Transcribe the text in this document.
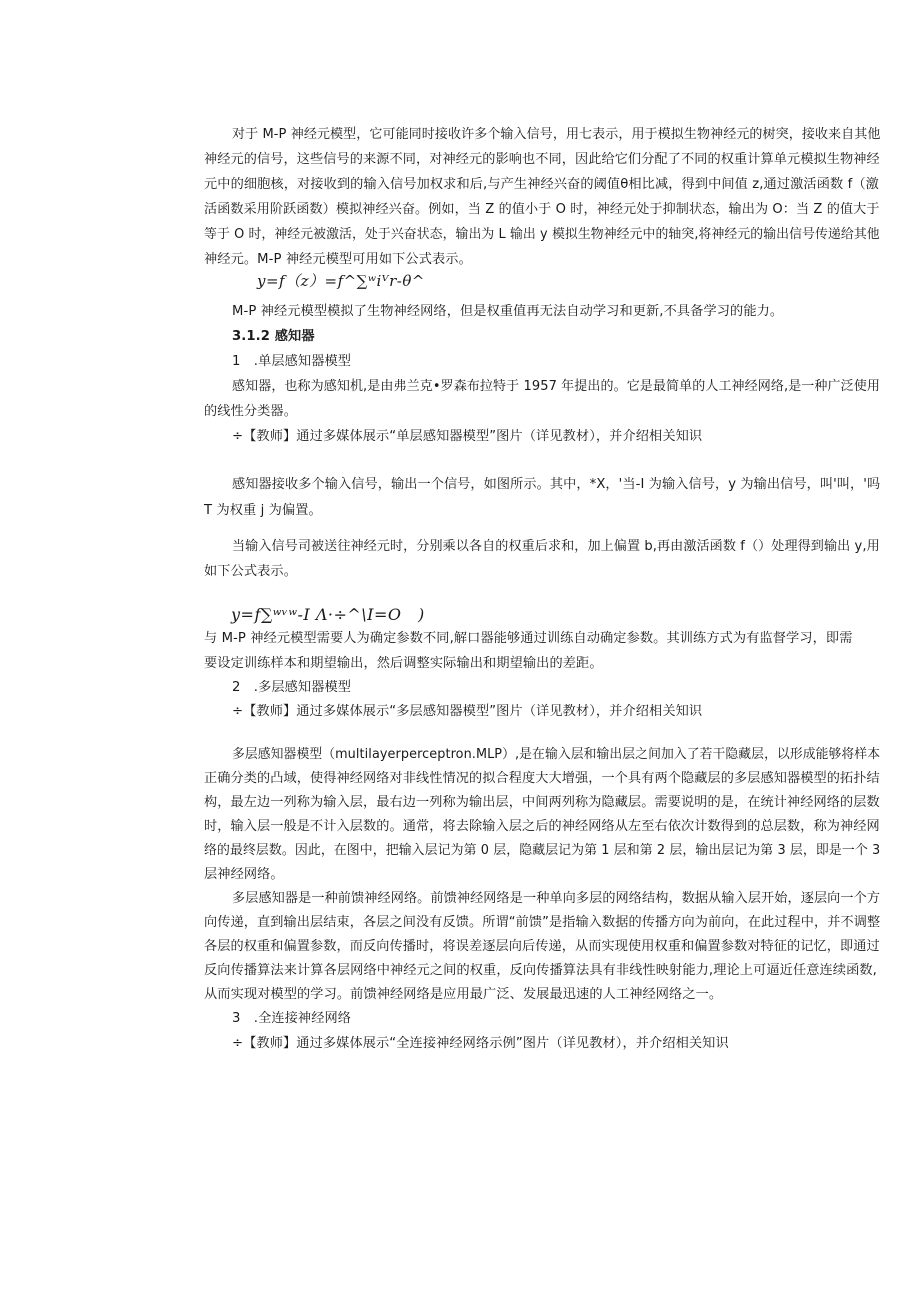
对于 M-P 神经元模型，它可能同时接收许多个输入信号，用七表示，用于模拟生物神经元的树突，接收来自其他
神经元的信号，这些信号的来源不同，对神经元的影响也不同，因此给它们分配了不同的权重计算单元模拟生物神经
元中的细胞核，对接收到的输入信号加权求和后,与产生神经兴奋的阈值θ相比减，得到中间值 z,通过激活函数 f（激
活函数采用阶跃函数）模拟神经兴奋。例如，当 Z 的值小于 O 时，神经元处于抑制状态，输出为 O：当 Z 的值大于
等于 O 时，神经元被激活，处于兴奋状态，输出为 L 输出 y 模拟生物神经元中的轴突,将神经元的输出信号传递给其他
神经元。M-P 神经元模型可用如下公式表示。
y=f（z）=f^∑ʷiⱽr-θ^
M-P 神经元模型模拟了生物神经网络，但是权重值再无法自动学习和更新,不具备学习的能力。
3.1.2 感知器
1　.单层感知器模型
感知器，也称为感知机,是由弗兰克•罗森布拉特于 1957 年提出的。它是最简单的人工神经网络,是一种广泛使用
的线性分类器。
÷【教师】通过多媒体展示“单层感知器模型”图片（详见教材），并介绍相关知识
感知器接收多个输入信号，输出一个信号，如图所示。其中，*X，'当-I 为输入信号，y 为输出信号，叫'叫，'吗
T 为权重 j 为偏置。
当输入信号司被送往神经元时，分别乘以各自的权重后求和，加上偏置 b,再由激活函数 f（）处理得到输出 y,用
如下公式表示。
y=f∑ʷᵛʷ-I Λ·÷^\I=O　)
与 M-P 神经元模型需要人为确定参数不同,解口器能够通过训练自动确定参数。其训练方式为有监督学习，即需
要设定训练样本和期望输出，然后调整实际输出和期望输出的差距。
2　.多层感知器模型
÷【教师】通过多媒体展示“多层感知器模型”图片（详见教材），并介绍相关知识
多层感知器模型（multilayerperceptron.MLP）,是在输入层和输出层之间加入了若干隐藏层，以形成能够将样本
正确分类的凸域，使得神经网络对非线性情况的拟合程度大大增强，一个具有两个隐藏层的多层感知器模型的拓扑结
构，最左边一列称为输入层，最右边一列称为输出层，中间两列称为隐藏层。需要说明的是，在统计神经网络的层数
时，输入层一般是不计入层数的。通常，将去除输入层之后的神经网络从左至右依次计数得到的总层数，称为神经网
络的最终层数。因此，在图中，把输入层记为第 0 层，隐藏层记为第 1 层和第 2 层，输出层记为第 3 层，即是一个 3
层神经网络。
多层感知器是一种前馈神经网络。前馈神经网络是一种单向多层的网络结构，数据从输入层开始，逐层向一个方
向传递，直到输出层结束，各层之间没有反馈。所谓“前馈”是指输入数据的传播方向为前向，在此过程中，并不调整
各层的权重和偏置参数，而反向传播时，将误差逐层向后传递，从而实现使用权重和偏置参数对特征的记忆，即通过
反向传播算法来计算各层网络中神经元之间的权重，反向传播算法具有非线性映射能力,理论上可逼近任意连续函数,
从而实现对模型的学习。前馈神经网络是应用最广泛、发展最迅速的人工神经网络之一。
3　.全连接神经网络
÷【教师】通过多媒体展示“全连接神经网络示例”图片（详见教材），并介绍相关知识
